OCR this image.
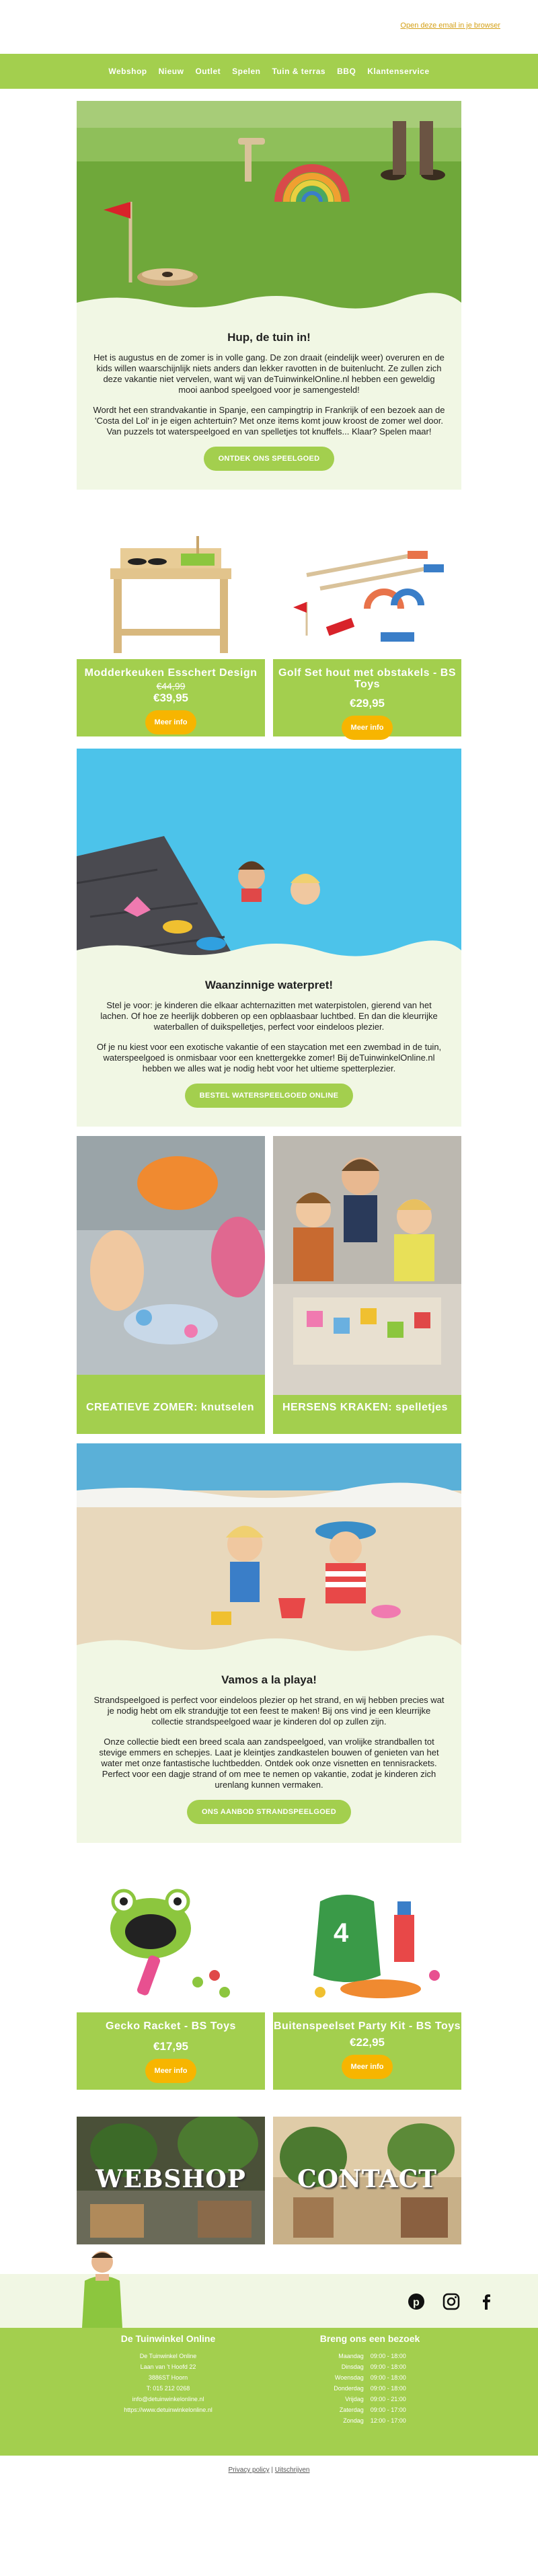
Open deze email in je browser
Webshop Nieuw Outlet Spelen Tuin & terras BBQ Klantenservice
Hup, de tuin in!

Het is augustus en de zomer is in volle gang. De zon draait (eindelijk weer) overuren en de kids willen waarschijnlijk niets anders dan lekker ravotten in de buitenlucht. Ze zullen zich deze vakantie niet vervelen, want wij van deTuinwinkelOnline.nl hebben een geweldig mooi aanbod speelgoed voor je samengesteld!

Wordt het een strandvakantie in Spanje, een campingtrip in Frankrijk of een bezoek aan de 'Costa del Lol' in je eigen achtertuin? Met onze items komt jouw kroost de zomer wel door. Van puzzels tot waterspeelgoed en van spelletjes tot knuffels... Klaar? Spelen maar!

ONTDEK ONS SPEELGOED
Modderkeuken Esschert Design
€44,99
€39,95
Meer info
Golf Set hout met obstakels - BS Toys
€29,95
Meer info
Waanzinnige waterpret!

Stel je voor: je kinderen die elkaar achternazitten met waterpistolen, gierend van het lachen. Of hoe ze heerlijk dobberen op een opblaasbaar luchtbed. En dan die kleurrijke waterballen of duikspelletjes, perfect voor eindeloos plezier.

Of je nu kiest voor een exotische vakantie of een staycation met een zwembad in de tuin, waterspeelgoed is onmisbaar voor een knettergekke zomer! Bij deTuinwinkelOnline.nl hebben we alles wat je nodig hebt voor het ultieme spetterplezier.

BESTEL WATERSPEELGOED ONLINE
CREATIEVE ZOMER: knutselen	HERSENS KRAKEN: spelletjes
Vamos a la playa!

Strandspeelgoed is perfect voor eindeloos plezier op het strand, en wij hebben precies wat je nodig hebt om elk strandujtje tot een feest te maken! Bij ons vind je een kleurrijke collectie strandspeelgoed waar je kinderen dol op zullen zijn.

Onze collectie biedt een breed scala aan zandspeelgoed, van vrolijke strandballen tot stevige emmers en schepjes. Laat je kleintjes zandkastelen bouwen of genieten van het water met onze fantastische luchtbedden. Ontdek ook onze visnetten en tennisrackets. Perfect voor een dagje strand of om mee te nemen op vakantie, zodat je kinderen zich urenlang kunnen vermaken.

ONS AANBOD STRANDSPEELGOED
Gecko Racket - BS Toys
€17,95
Meer info
4
Buitenspeelset Party Kit - BS Toys
€22,95
Meer info
WEBSHOP	CONTACT
p
De Tuinwinkel Online
De Tuinwinkel Online
Laan van 't Hoofd 22
3886ST Hoorn
T: 015 212 0268
info@detuinwinkelonline.nl
https://www.detuinwinkelonline.nl
Breng ons een bezoek
Maandag 09:00 - 18:00
Dinsdag 09:00 - 18:00
Woensdag 09:00 - 18:00
Donderdag 09:00 - 18:00
Vrijdag 09:00 - 21:00
Zaterdag 09:00 - 17:00
Zondag 12:00 - 17:00
Privacy policy | Uitschrijven
